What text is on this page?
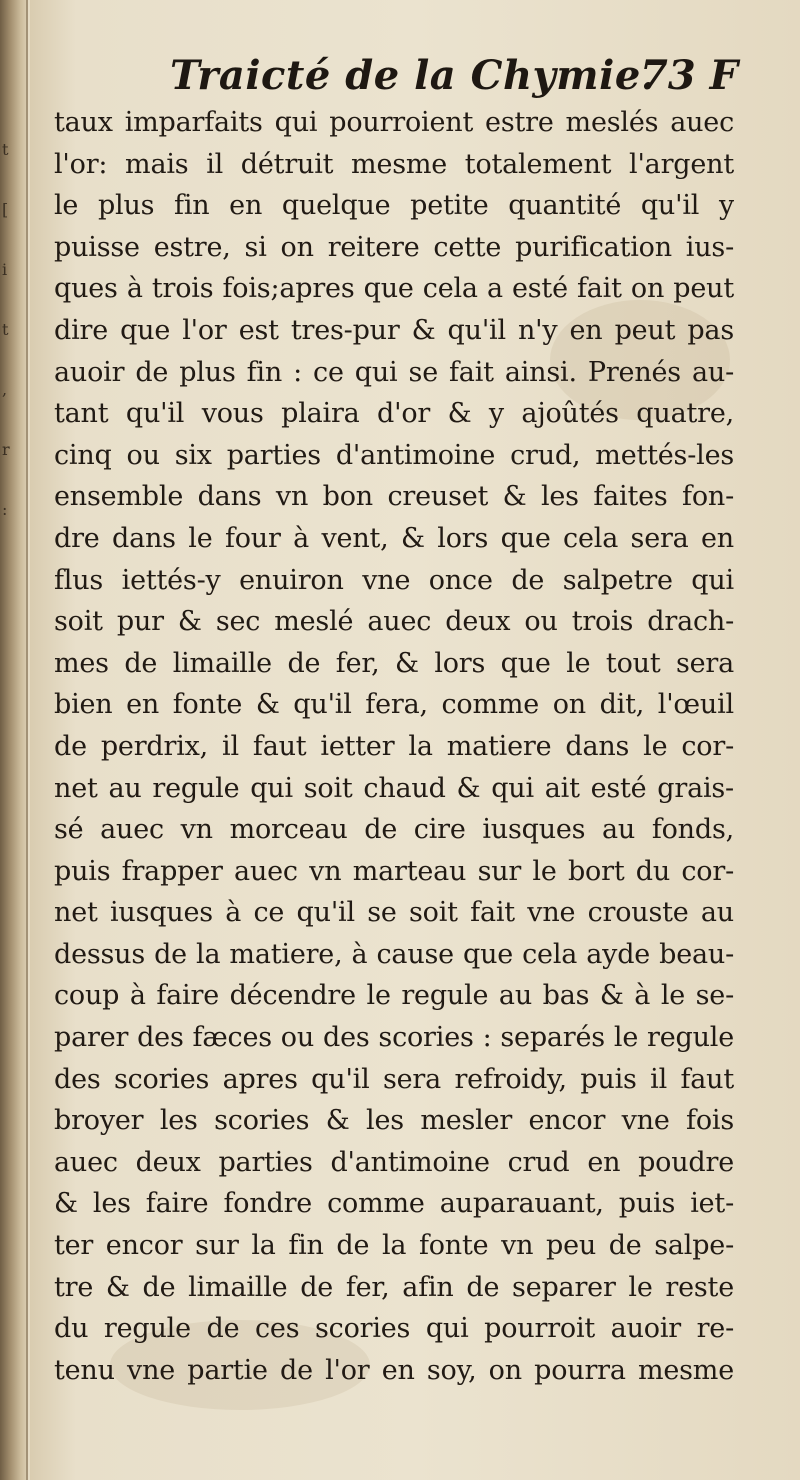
t
[
i
t
,
r
:
Traicté de la Chymie.
73 F
taux imparfaits qui pourroient estre meslés auec
l'or: mais il détruit mesme totalement l'argent
le plus fin en quelque petite quantité qu'il y
puisse estre, si on reitere cette purification ius-
ques à trois fois;apres que cela a esté fait on peut
dire que l'or est tres-pur & qu'il n'y en peut pas
auoir de plus fin : ce qui se fait ainsi. Prenés au-
tant qu'il vous plaira d'or & y ajoûtés quatre,
cinq ou six parties d'antimoine crud, mettés-les
ensemble dans vn bon creuset & les faites fon-
dre dans le four à vent, & lors que cela sera en
flus iettés-y enuiron vne once de salpetre qui
soit pur & sec meslé auec deux ou trois drach-
mes de limaille de fer, & lors que le tout sera
bien en fonte & qu'il fera, comme on dit, l'œuil
de perdrix, il faut ietter la matiere dans le cor-
net au regule qui soit chaud & qui ait esté grais-
sé auec vn morceau de cire iusques au fonds,
puis frapper auec vn marteau sur le bort du cor-
net iusques à ce qu'il se soit fait vne crouste au
dessus de la matiere, à cause que cela ayde beau-
coup à faire décendre le regule au bas & à le se-
parer des fæces ou des scories : separés le regule
des scories apres qu'il sera refroidy, puis il faut
broyer les scories & les mesler encor vne fois
auec deux parties d'antimoine crud en poudre
& les faire fondre comme auparauant, puis iet-
ter encor sur la fin de la fonte vn peu de salpe-
tre & de limaille de fer, afin de separer le reste
du regule de ces scories qui pourroit auoir re-
tenu vne partie de l'or en soy, on pourra mesme
